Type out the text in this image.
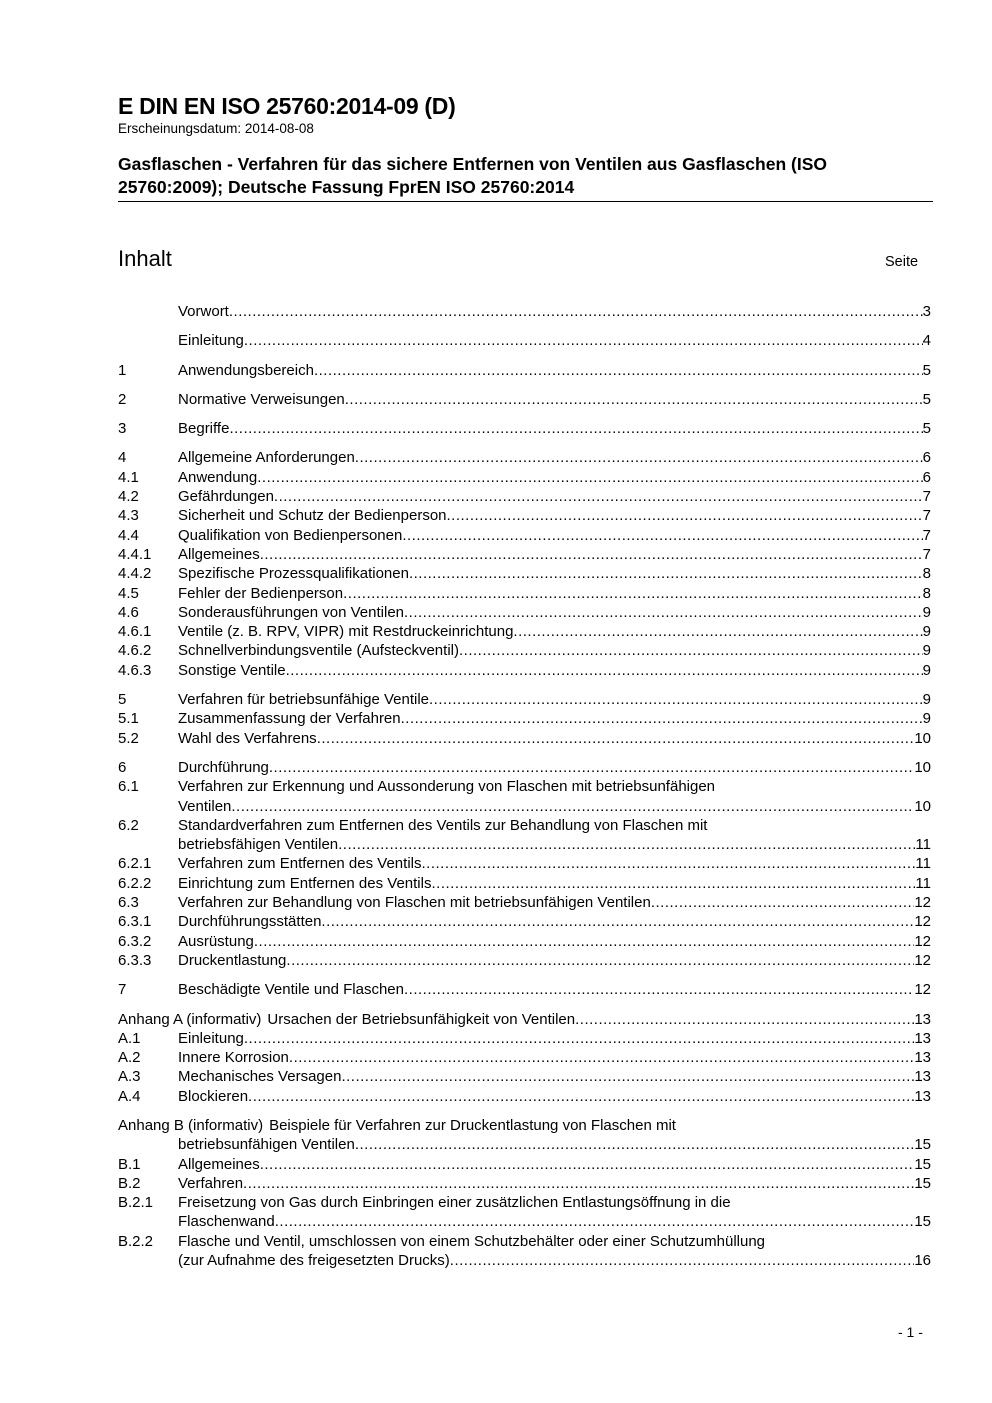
E DIN EN ISO 25760:2014-09 (D)
Erscheinungsdatum: 2014-08-08
Gasflaschen - Verfahren für das sichere Entfernen von Ventilen aus Gasflaschen (ISO 25760:2009); Deutsche Fassung FprEN ISO 25760:2014
Inhalt	Seite
Vorwort .....	3
Einleitung .....	4
1	Anwendungsbereich .....	5
2	Normative Verweisungen .....	5
3	Begriffe .....	5
4	Allgemeine Anforderungen .....	6
4.1	Anwendung .....	6
4.2	Gefährdungen .....	7
4.3	Sicherheit und Schutz der Bedienperson .....	7
4.4	Qualifikation von Bedienpersonen .....	7
4.4.1	Allgemeines .....	7
4.4.2	Spezifische Prozessqualifikationen .....	8
4.5	Fehler der Bedienperson .....	8
4.6	Sonderausführungen von Ventilen .....	9
4.6.1	Ventile (z. B. RPV, VIPR) mit Restdruckeinrichtung .....	9
4.6.2	Schnellverbindungsventile (Aufsteckventil) .....	9
4.6.3	Sonstige Ventile .....	9
5	Verfahren für betriebsunfähige Ventile .....	9
5.1	Zusammenfassung der Verfahren .....	9
5.2	Wahl des Verfahrens .....	10
6	Durchführung .....	10
6.1	Verfahren zur Erkennung und Aussonderung von Flaschen mit betriebsunfähigen
Ventilen .....	10
6.2	Standardverfahren zum Entfernen des Ventils zur Behandlung von Flaschen mit
betriebsfähigen Ventilen .....	11
6.2.1	Verfahren zum Entfernen des Ventils .....	11
6.2.2	Einrichtung zum Entfernen des Ventils .....	11
6.3	Verfahren zur Behandlung von Flaschen mit betriebsunfähigen Ventilen .....	12
6.3.1	Durchführungsstätten .....	12
6.3.2	Ausrüstung .....	12
6.3.3	Druckentlastung .....	12
7	Beschädigte Ventile und Flaschen .....	12
Anhang A (informativ) Ursachen der Betriebsunfähigkeit von Ventilen .....	13
A.1	Einleitung .....	13
A.2	Innere Korrosion .....	13
A.3	Mechanisches Versagen .....	13
A.4	Blockieren .....	13
Anhang B (informativ) Beispiele für Verfahren zur Druckentlastung von Flaschen mit
betriebsunfähigen Ventilen .....	15
B.1	Allgemeines .....	15
B.2	Verfahren .....	15
B.2.1	Freisetzung von Gas durch Einbringen einer zusätzlichen Entlastungsöffnung in die
Flaschenwand .....	15
B.2.2	Flasche und Ventil, umschlossen von einem Schutzbehälter oder einer Schutzumhüllung
(zur Aufnahme des freigesetzten Drucks) .....	16
- 1 -
